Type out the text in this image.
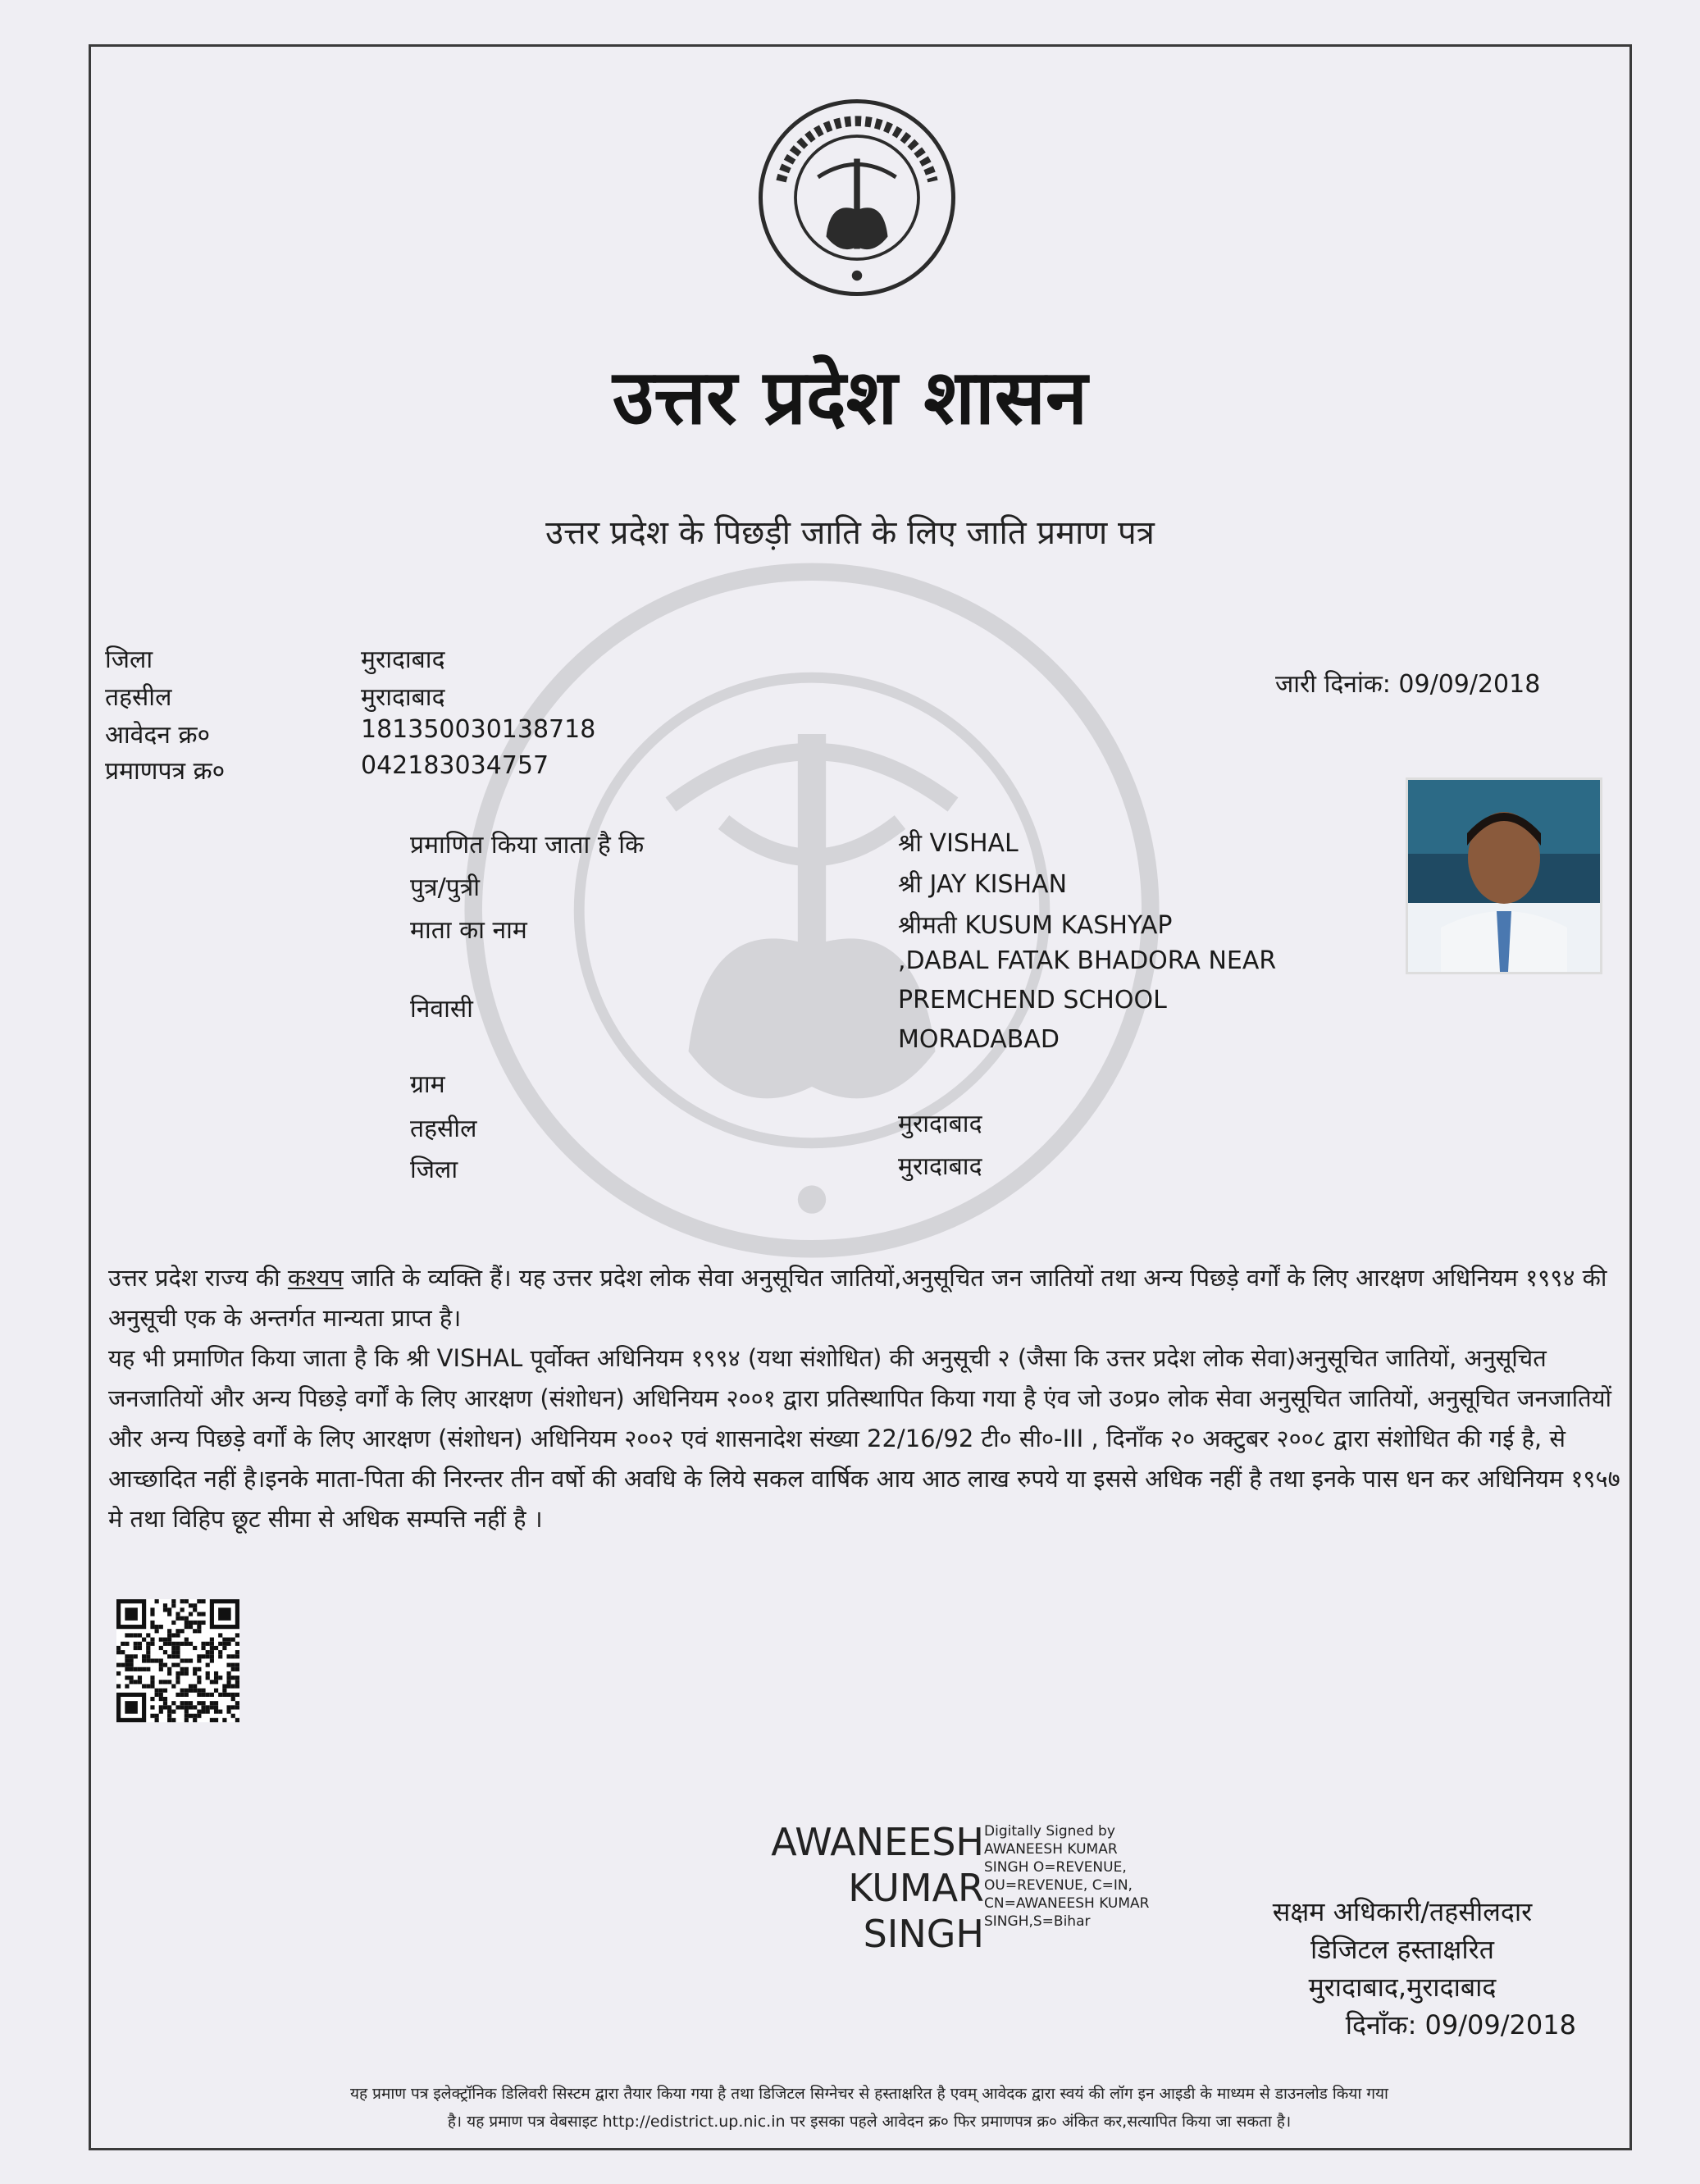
उत्तर प्रदेश शासन
उत्तर प्रदेश के पिछड़ी जाति के लिए जाति प्रमाण पत्र
जिला	मुरादाबाद
तहसील	मुरादाबाद
आवेदन क्र०	181350030138718
प्रमाणपत्र क्र०	042183034757
जारी दिनांक: 09/09/2018
प्रमाणित किया जाता है कि	श्री VISHAL
पुत्र/पुत्री	श्री JAY KISHAN
माता का नाम	श्रीमती KUSUM KASHYAP
,DABAL FATAK BHADORA NEAR
निवासी	PREMCHEND SCHOOL
MORADABAD
ग्राम
तहसील	मुरादाबाद
जिला	मुरादाबाद

उत्तर प्रदेश राज्य की कश्यप जाति के व्यक्ति हैं। यह उत्तर प्रदेश लोक सेवा अनुसूचित जातियों,अनुसूचित जन जातियों तथा अन्य पिछड़े वर्गों के लिए आरक्षण अधिनियम १९९४ की अनुसूची एक के अन्तर्गत मान्यता प्राप्त है।

यह भी प्रमाणित किया जाता है कि श्री VISHAL पूर्वोक्त अधिनियम १९९४ (यथा संशोधित) की अनुसूची २ (जैसा कि उत्तर प्रदेश लोक सेवा)अनुसूचित जातियों, अनुसूचित जनजातियों और अन्य पिछड़े वर्गों के लिए आरक्षण (संशोधन) अधिनियम २००१ द्वारा प्रतिस्थापित किया गया है एंव जो उ०प्र० लोक सेवा अनुसूचित जातियों, अनुसूचित जनजातियों और अन्य पिछड़े वर्गों के लिए आरक्षण (संशोधन) अधिनियम २००२ एवं शासनादेश संख्या 22/16/92 टी० सी०-III , दिनाँक २० अक्टुबर २००८ द्वारा संशोधित की गई है, से आच्छादित नहीं है।इनके माता-पिता की निरन्तर तीन वर्षो की अवधि के लिये सकल वार्षिक आय आठ लाख रुपये या इससे अधिक नहीं है तथा इनके पास धन कर अधिनियम १९५७ मे तथा विहिप छूट सीमा से अधिक सम्पत्ति नहीं है ।

AWANEESH
KUMAR
SINGH
Digitally Signed by
AWANEESH KUMAR
SINGH O=REVENUE,
OU=REVENUE, C=IN,
CN=AWANEESH KUMAR
SINGH,S=Bihar	सक्षम अधिकारी/तहसीलदार
डिजिटल हस्ताक्षरित
मुरादाबाद,मुरादाबाद
दिनाँक: 09/09/2018
यह प्रमाण पत्र इलेक्ट्रॉनिक डिलिवरी सिस्टम द्वारा तैयार किया गया है तथा डिजिटल सिग्नेचर से हस्ताक्षरित है एवम् आवेदक द्वारा स्वयं की लॉग इन आइडी के माध्यम से डाउनलोड किया गया
है। यह प्रमाण पत्र वेबसाइट http://edistrict.up.nic.in पर इसका पहले आवेदन क्र० फिर प्रमाणपत्र क्र० अंकित कर,सत्यापित किया जा सकता है।
